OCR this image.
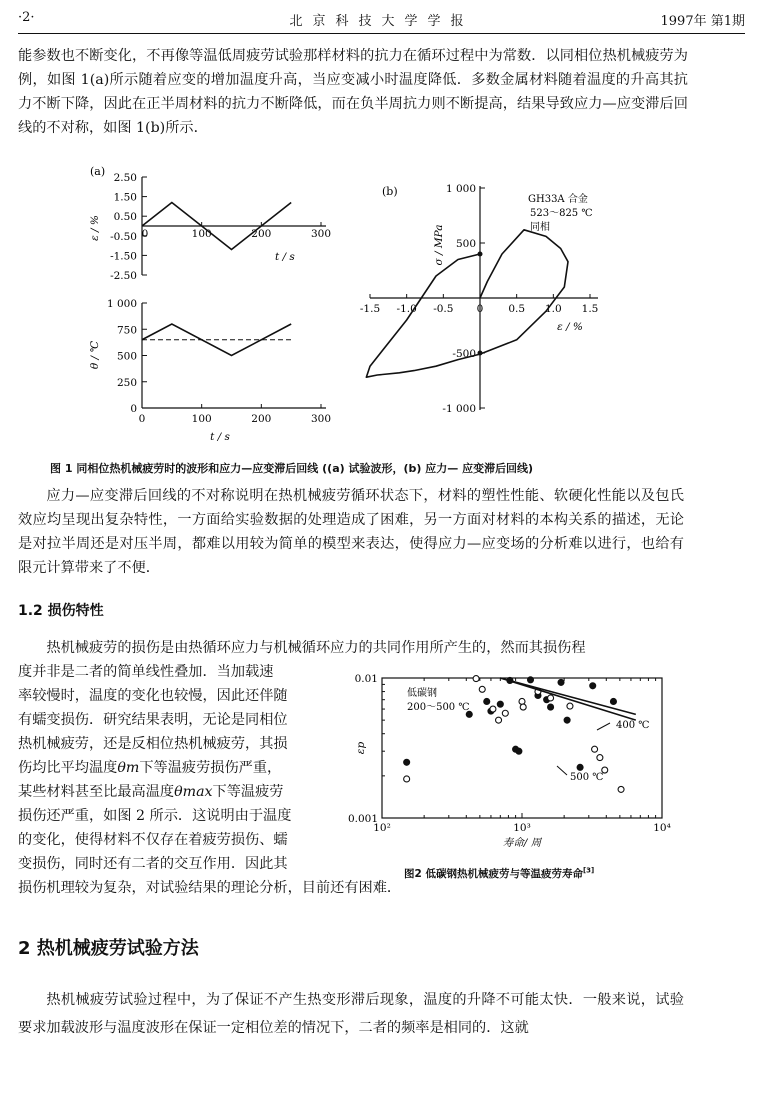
·2·	北京科技大学学报	1997年 第1期
能参数也不断变化，不再像等温低周疲劳试验那样材料的抗力在循环过程中为常数．以同相位热机械疲劳为例，如图 1(a)所示随着应变的增加温度升高，当应变减小时温度降低．多数金属材料随着温度的升高其抗力不断下降，因此在正半周材料的抗力不断降低，而在负半周抗力则不断提高，结果导致应力—应变滞后回线的不对称，如图 1(b)所示．
(a)
(b)
GH33A 合金
523～825 ℃
同相
2.50
1.50
0.50
-0.50
-1.50
-2.50
0	100	200	300
t / s
ε / %
1 000
750
500
250
0
0	100	200	300
t / s
θ / ℃
-1.5 -1.0 -0.5 0 0.5 1.0 1.5
1 000
500
-500
-1 000
ε / %
σ / MPa
图 1 同相位热机械疲劳时的波形和应力—应变滞后回线 ((a) 试验波形，(b) 应力— 应变滞后回线)
应力—应变滞后回线的不对称说明在热机械疲劳循环状态下，材料的塑性性能、软硬化性能以及包氏效应均呈现出复杂特性，一方面给实验数据的处理造成了困难，另一方面对材料的本构关系的描述，无论是对拉半周还是对压半周，都难以用较为简单的模型来表达，使得应力—应变场的分析难以进行，也给有限元计算带来了不便．
1.2 损伤特性
热机械疲劳的损伤是由热循环应力与机械循环应力的共同作用所产生的，然而其损伤程
度并非是二者的简单线性叠加．当加载速
率较慢时，温度的变化也较慢，因此还伴随
有蠕变损伤．研究结果表明，无论是同相位
热机械疲劳，还是反相位热机械疲劳，其损
伤均比平均温度θm下等温疲劳损伤严重，
某些材料甚至比最高温度θmax下等温疲劳
损伤还严重，如图 2 所示．这说明由于温度
的变化，使得材料不仅存在着疲劳损伤、蠕
变损伤，同时还有二者的交互作用．因此其
损伤机理较为复杂，对试验结果的理论分析，目前还有困难．
0.01
0.001
10²	10³	10⁴
寿命/ 周
εp
低碳钢
200～500 ℃
400 ℃
500 ℃
图2 低碳钢热机械疲劳与等温疲劳寿命[3]
2 热机械疲劳试验方法
热机械疲劳试验过程中，为了保证不产生热变形滞后现象，温度的升降不可能太快．一般来说，试验要求加载波形与温度波形在保证一定相位差的情况下，二者的频率是相同的．这就
